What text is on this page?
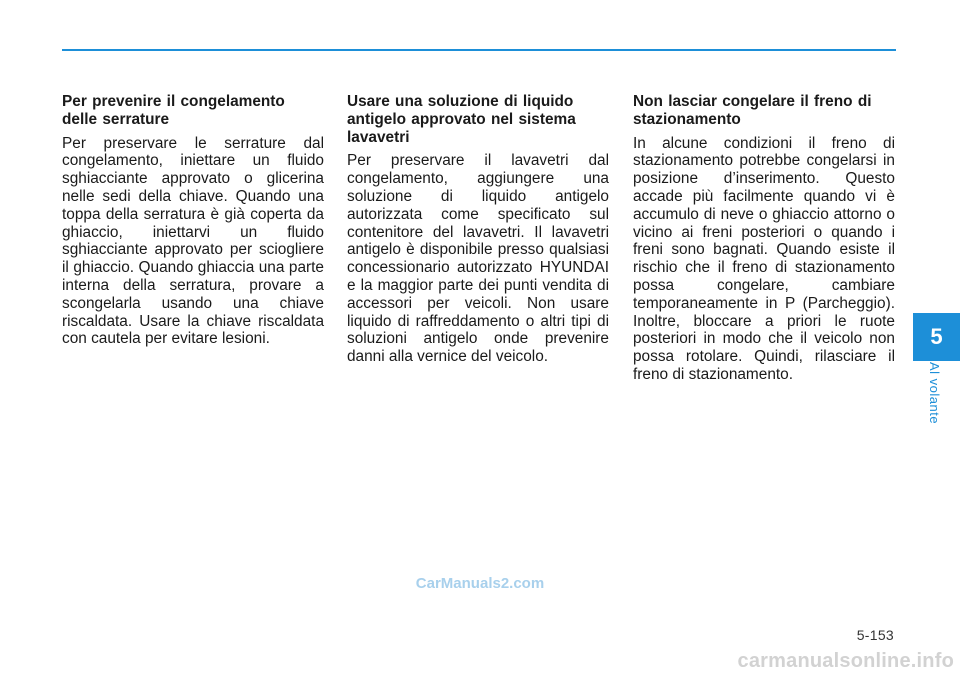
Per prevenire il congelamento delle serrature

Per preservare le serrature dal congelamento, iniettare un fluido sghiacciante approvato o glicerina nelle sedi della chiave. Quando una toppa della serratura è già coperta da ghiaccio, iniettarvi un fluido sghiacciante approvato per sciogliere il ghiaccio. Quando ghiaccia una parte interna della serratura, provare a scongelarla usando una chiave riscaldata. Usare la chiave riscaldata con cautela per evitare lesioni.

Usare una soluzione di liquido antigelo approvato nel sistema lavavetri

Per preservare il lavavetri dal congelamento, aggiungere una soluzione di liquido antigelo autorizzata come specificato sul contenitore del lavavetri. Il lavavetri antigelo è disponibile presso qualsiasi concessionario autorizzato HYUNDAI e la maggior parte dei punti vendita di accessori per veicoli. Non usare liquido di raffreddamento o altri tipi di soluzioni antigelo onde prevenire danni alla vernice del veicolo.

Non lasciar congelare il freno di stazionamento

In alcune condizioni il freno di stazionamento potrebbe congelarsi in posizione d’inserimento. Questo accade più facilmente quando vi è accumulo di neve o ghiaccio attorno o vicino ai freni posteriori o quando i freni sono bagnati. Quando esiste il rischio che il freno di stazionamento possa congelare, cambiare temporaneamente in P (Parcheggio). Inoltre, bloccare a priori le ruote posteriori in modo che il veicolo non possa rotolare. Quindi, rilasciare il freno di stazionamento.

5
Al volante
CarManuals2.com
5-153
carmanualsonline.info
